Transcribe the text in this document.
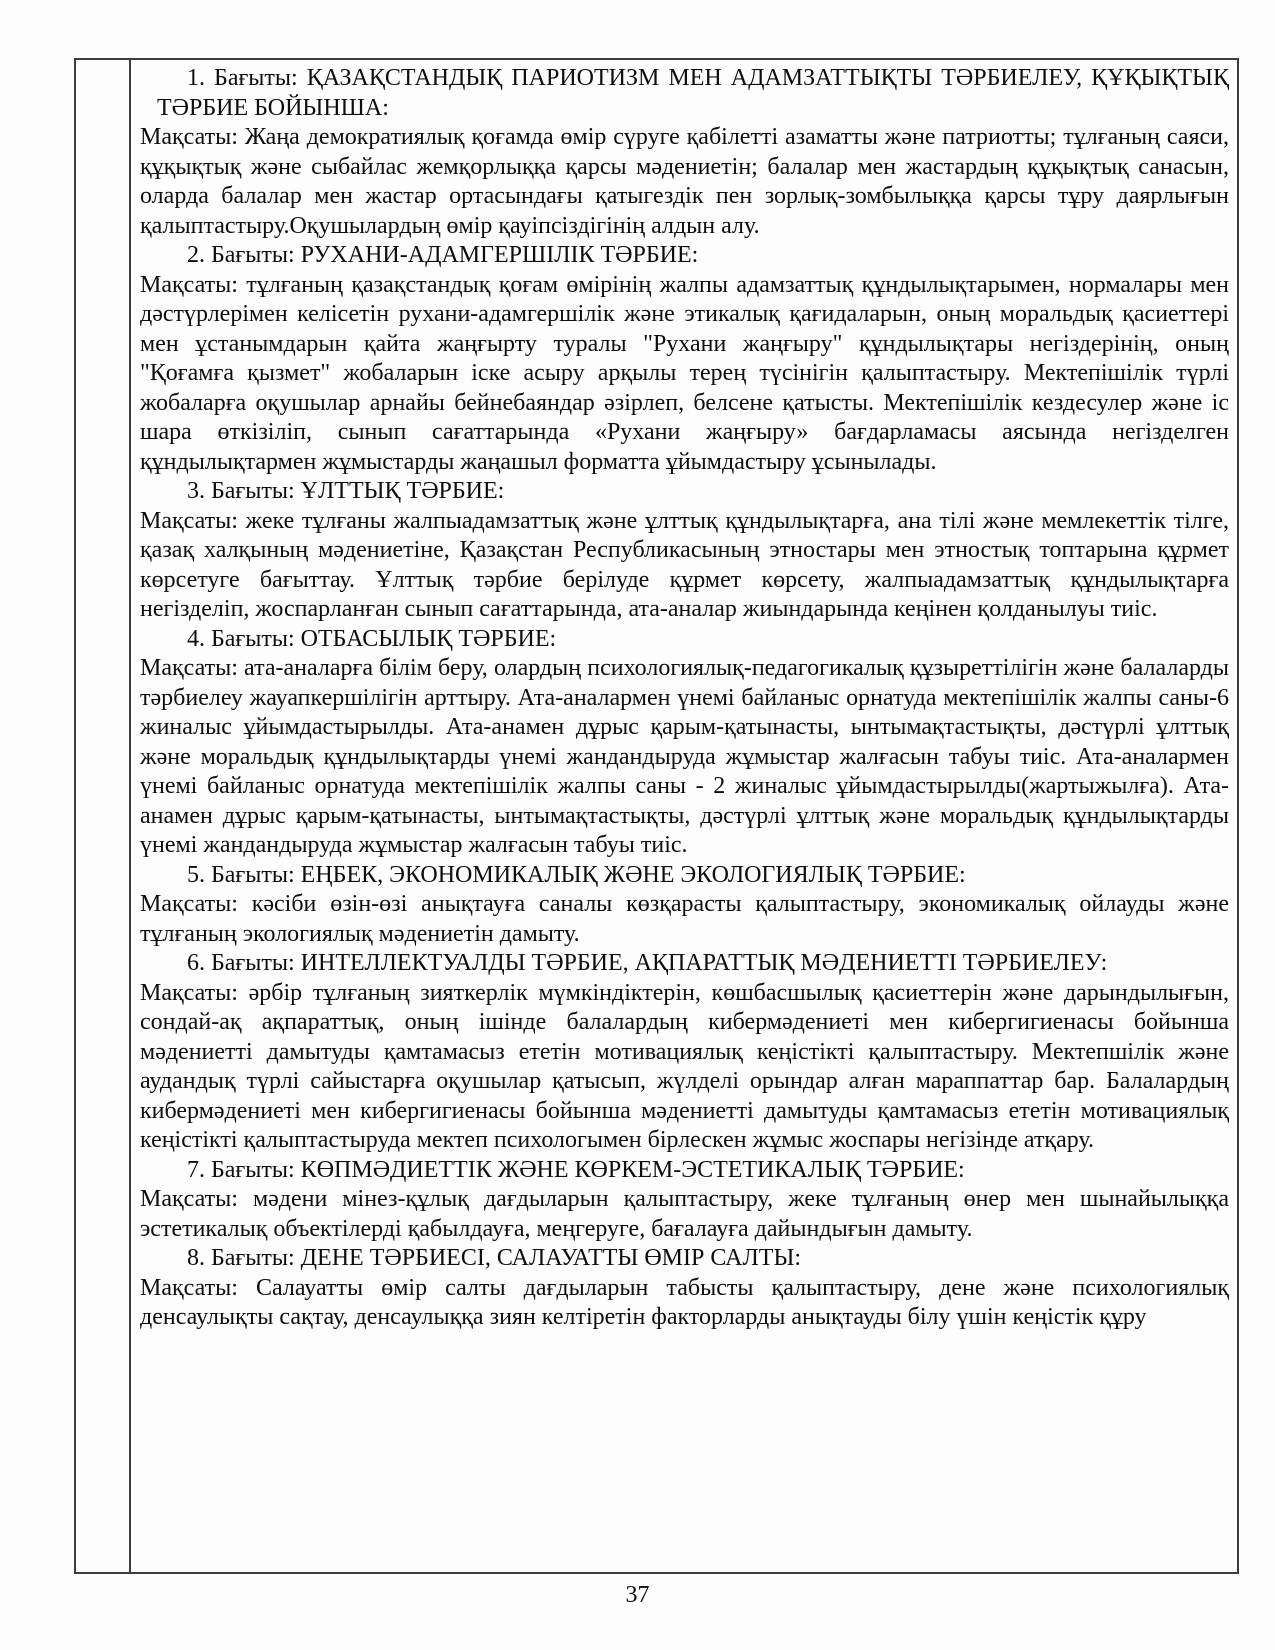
1. Бағыты: ҚАЗАҚСТАНДЫҚ ПАРИОТИЗМ МЕН АДАМЗАТТЫҚТЫ ТӘРБИЕЛЕУ, ҚҰҚЫҚТЫҚ ТӘРБИЕ БОЙЫНША:

Мақсаты: Жаңа демократиялық қоғамда өмір сүруге қабілетті азаматты және патриотты; тұлғаның саяси, құқықтық және сыбайлас жемқорлыққа қарсы мәдениетін; балалар мен жастардың құқықтық санасын, оларда балалар мен жастар ортасындағы қатыгездік пен зорлық-зомбылыққа қарсы тұру даярлығын қалыптастыру.Оқушылардың өмір қауіпсіздігінің алдын алу.

2. Бағыты: РУХАНИ-АДАМГЕРШІЛІК ТӘРБИЕ:

Мақсаты: тұлғаның қазақстандық қоғам өмірінің жалпы адамзаттық құндылықтарымен, нормалары мен дәстүрлерімен келісетін рухани-адамгершілік және этикалық қағидаларын, оның моральдық қасиеттері мен ұстанымдарын қайта жаңғырту туралы "Рухани жаңғыру" құндылықтары негіздерінің, оның "Қоғамға қызмет" жобаларын іске асыру арқылы терең түсінігін қалыптастыру. Мектепішілік түрлі жобаларға оқушылар арнайы бейнебаяндар әзірлеп, белсене қатысты. Мектепішілік кездесулер және іс шара өткізіліп, сынып сағаттарында «Рухани жаңғыру» бағдарламасы аясында негізделген құндылықтармен жұмыстарды жаңашыл форматта ұйымдастыру ұсынылады.

3. Бағыты: ҰЛТТЫҚ ТӘРБИЕ:

Мақсаты: жеке тұлғаны жалпыадамзаттық және ұлттық құндылықтарға, ана тілі және мемлекеттік тілге, қазақ халқының мәдениетіне, Қазақстан Республикасының этностары мен этностық топтарына құрмет көрсетуге бағыттау. Ұлттық тәрбие берілуде құрмет көрсету, жалпыадамзаттық құндылықтарға негізделіп, жоспарланған сынып сағаттарында, ата-аналар жиындарында кеңінен қолданылуы тиіс.

4. Бағыты: ОТБАСЫЛЫҚ ТӘРБИЕ:

Мақсаты: ата-аналарға білім беру, олардың психологиялық-педагогикалық құзыреттілігін және балаларды тәрбиелеу жауапкершілігін арттыру. Ата-аналармен үнемі байланыс орнатуда мектепішілік жалпы саны-6 жиналыс ұйымдастырылды. Ата-анамен дұрыс қарым-қатынасты, ынтымақтастықты, дәстүрлі ұлттық және моральдық құндылықтарды үнемі жандандыруда жұмыстар жалғасын табуы тиіс. Ата-аналармен үнемі байланыс орнатуда мектепішілік жалпы саны - 2 жиналыс ұйымдастырылды(жартыжылға). Ата-анамен дұрыс қарым-қатынасты, ынтымақтастықты, дәстүрлі ұлттық және моральдық құндылықтарды үнемі жандандыруда жұмыстар жалғасын табуы тиіс.

5. Бағыты: ЕҢБЕК, ЭКОНОМИКАЛЫҚ ЖӘНЕ ЭКОЛОГИЯЛЫҚ ТӘРБИЕ:

Мақсаты: кәсіби өзін-өзі анықтауға саналы көзқарасты қалыптастыру, экономикалық ойлауды және тұлғаның экологиялық мәдениетін дамыту.

6. Бағыты: ИНТЕЛЛЕКТУАЛДЫ ТӘРБИЕ, АҚПАРАТТЫҚ МӘДЕНИЕТТІ ТӘРБИЕЛЕУ:

Мақсаты: әрбір тұлғаның зияткерлік мүмкіндіктерін, көшбасшылық қасиеттерін және дарындылығын, сондай-ақ ақпараттық, оның ішінде балалардың кибермәдениеті мен кибергигиенасы бойынша мәдениетті дамытуды қамтамасыз ететін мотивациялық кеңістікті қалыптастыру. Мектепшілік және аудандық түрлі сайыстарға оқушылар қатысып, жүлделі орындар алған мараппаттар бар. Балалардың кибермәдениеті мен кибергигиенасы бойынша мәдениетті дамытуды қамтамасыз ететін мотивациялық кеңістікті қалыптастыруда мектеп психологымен бірлескен жұмыс жоспары негізінде атқару.

7. Бағыты: КӨПМӘДИЕТТІК ЖӘНЕ КӨРКЕМ-ЭСТЕТИКАЛЫҚ ТӘРБИЕ:

Мақсаты: мәдени мінез-құлық дағдыларын қалыптастыру, жеке тұлғаның өнер мен шынайылыққа эстетикалық объектілерді қабылдауға, меңгеруге, бағалауға дайындығын дамыту.

8. Бағыты: ДЕНЕ ТӘРБИЕСІ, САЛАУАТТЫ ӨМІР САЛТЫ:

Мақсаты: Салауатты өмір салты дағдыларын табысты қалыптастыру, дене және психологиялық денсаулықты сақтау, денсаулыққа зиян келтіретін факторларды анықтауды білу үшін кеңістік құру

37
